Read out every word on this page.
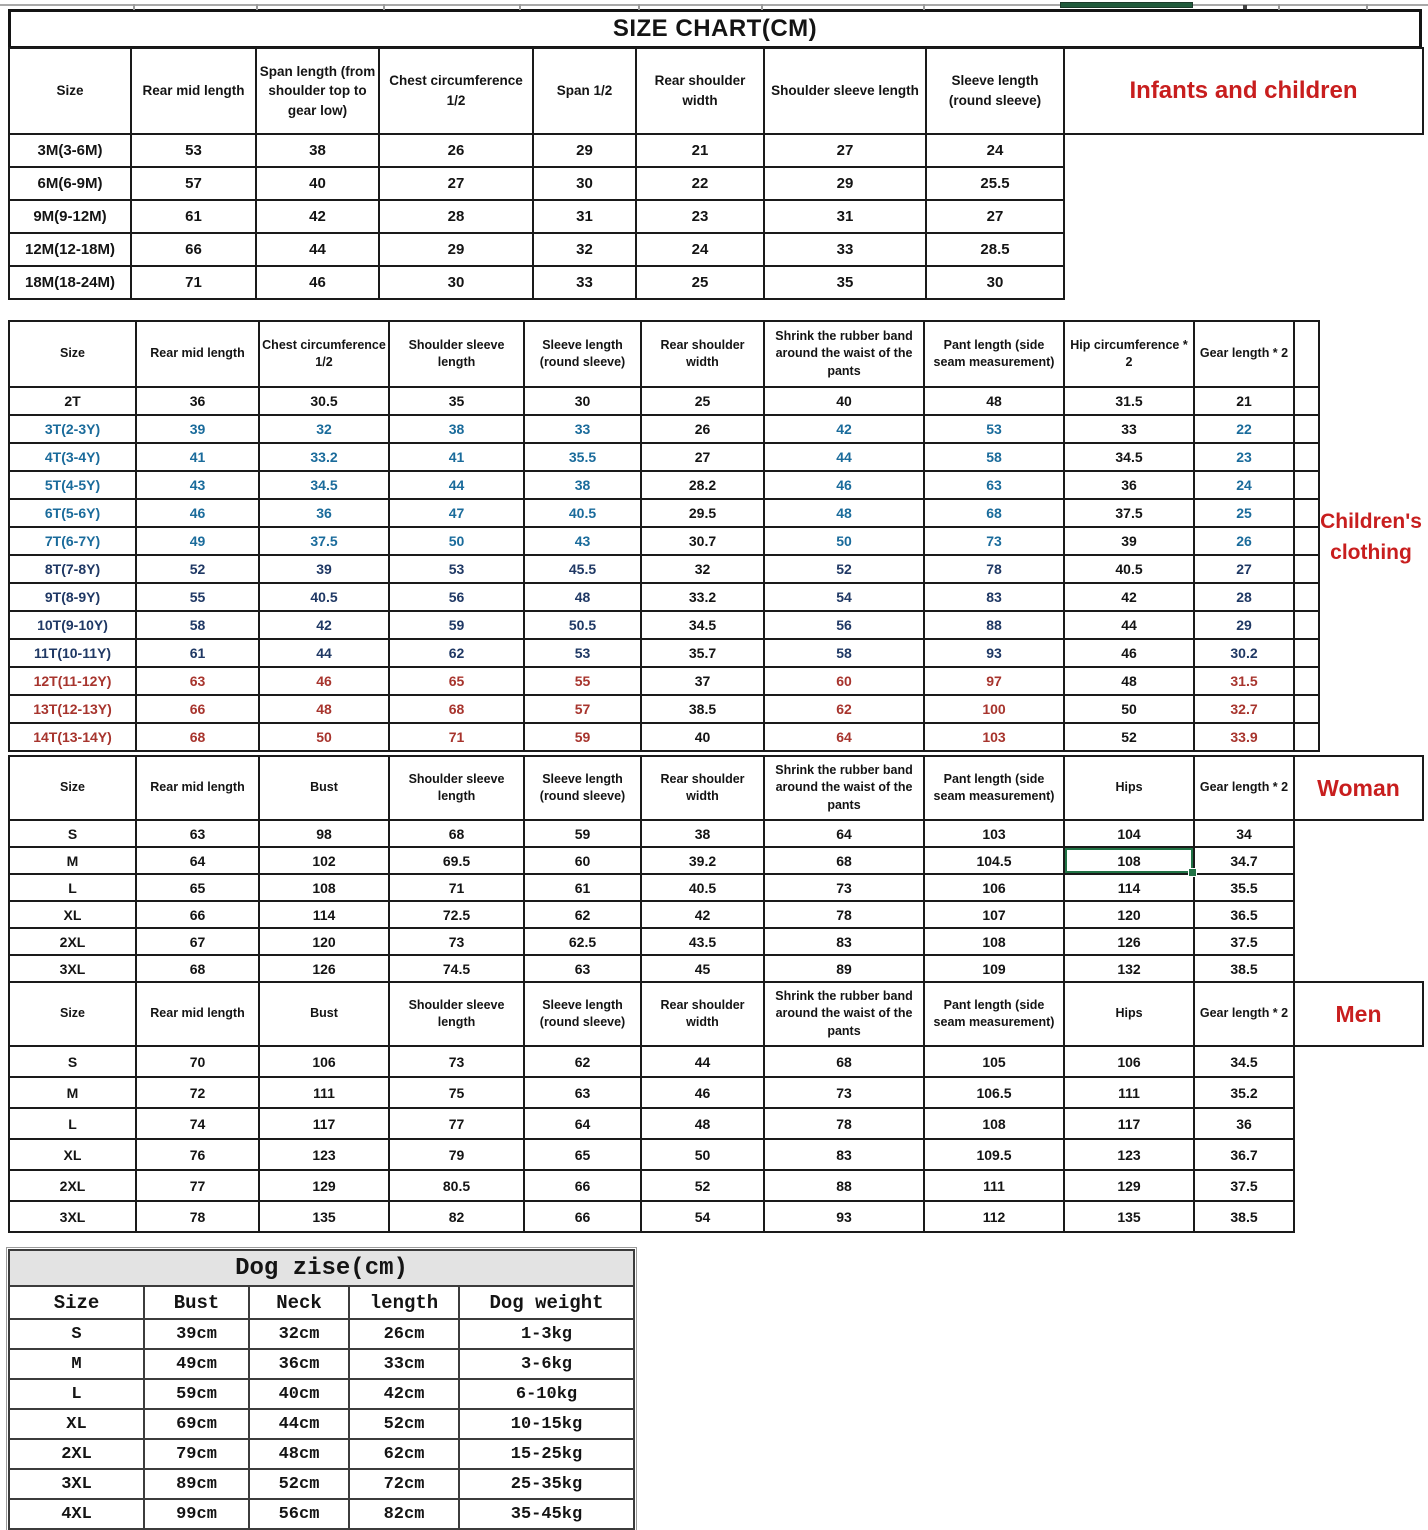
SIZE CHART(CM)
Size	Rear mid length	Span length (from shoulder top to gear low)	Chest circumference 1/2	Span 1/2	Rear shoulder width	Shoulder sleeve length	Sleeve length (round sleeve)	Infants and children
3M(3-6M)	53	38	26	29	21	27	24	
6M(6-9M)	57	40	27	30	22	29	25.5	
9M(9-12M)	61	42	28	31	23	31	27	
12M(12-18M)	66	44	29	32	24	33	28.5	
18M(18-24M)	71	46	30	33	25	35	30	
Size	Rear mid length	Chest circumference 1/2	Shoulder sleeve length	Sleeve length (round sleeve)	Rear shoulder width	Shrink the rubber band around the waist of the pants	Pant length (side seam measurement)	Hip circumference * 2	Gear length * 2	
2T	36	30.5	35	30	25	40	48	31.5	21	
3T(2-3Y)	39	32	38	33	26	42	53	33	22	
4T(3-4Y)	41	33.2	41	35.5	27	44	58	34.5	23	
5T(4-5Y)	43	34.5	44	38	28.2	46	63	36	24	
6T(5-6Y)	46	36	47	40.5	29.5	48	68	37.5	25	
7T(6-7Y)	49	37.5	50	43	30.7	50	73	39	26	
8T(7-8Y)	52	39	53	45.5	32	52	78	40.5	27	
9T(8-9Y)	55	40.5	56	48	33.2	54	83	42	28	
10T(9-10Y)	58	42	59	50.5	34.5	56	88	44	29	
11T(10-11Y)	61	44	62	53	35.7	58	93	46	30.2	
12T(11-12Y)	63	46	65	55	37	60	97	48	31.5	
13T(12-13Y)	66	48	68	57	38.5	62	100	50	32.7	
14T(13-14Y)	68	50	71	59	40	64	103	52	33.9	
Children's clothing
Size	Rear mid length	Bust	Shoulder sleeve length	Sleeve length (round sleeve)	Rear shoulder width	Shrink the rubber band around the waist of the pants	Pant length (side seam measurement)	Hips	Gear length * 2	Woman
S	63	98	68	59	38	64	103	104	34	
M	64	102	69.5	60	39.2	68	104.5	108	34.7	
L	65	108	71	61	40.5	73	106	114	35.5	
XL	66	114	72.5	62	42	78	107	120	36.5	
2XL	67	120	73	62.5	43.5	83	108	126	37.5	
3XL	68	126	74.5	63	45	89	109	132	38.5	
Size	Rear mid length	Bust	Shoulder sleeve length	Sleeve length (round sleeve)	Rear shoulder width	Shrink the rubber band around the waist of the pants	Pant length (side seam measurement)	Hips	Gear length * 2	Men
S	70	106	73	62	44	68	105	106	34.5	
M	72	111	75	63	46	73	106.5	111	35.2	
L	74	117	77	64	48	78	108	117	36	
XL	76	123	79	65	50	83	109.5	123	36.7	
2XL	77	129	80.5	66	52	88	111	129	37.5	
3XL	78	135	82	66	54	93	112	135	38.5	
Dog zise(cm)				
Size	Bust	Neck	length	Dog weight
S	39cm	32cm	26cm	1-3kg
M	49cm	36cm	33cm	3-6kg
L	59cm	40cm	42cm	6-10kg
XL	69cm	44cm	52cm	10-15kg
2XL	79cm	48cm	62cm	15-25kg
3XL	89cm	52cm	72cm	25-35kg
4XL	99cm	56cm	82cm	35-45kg
